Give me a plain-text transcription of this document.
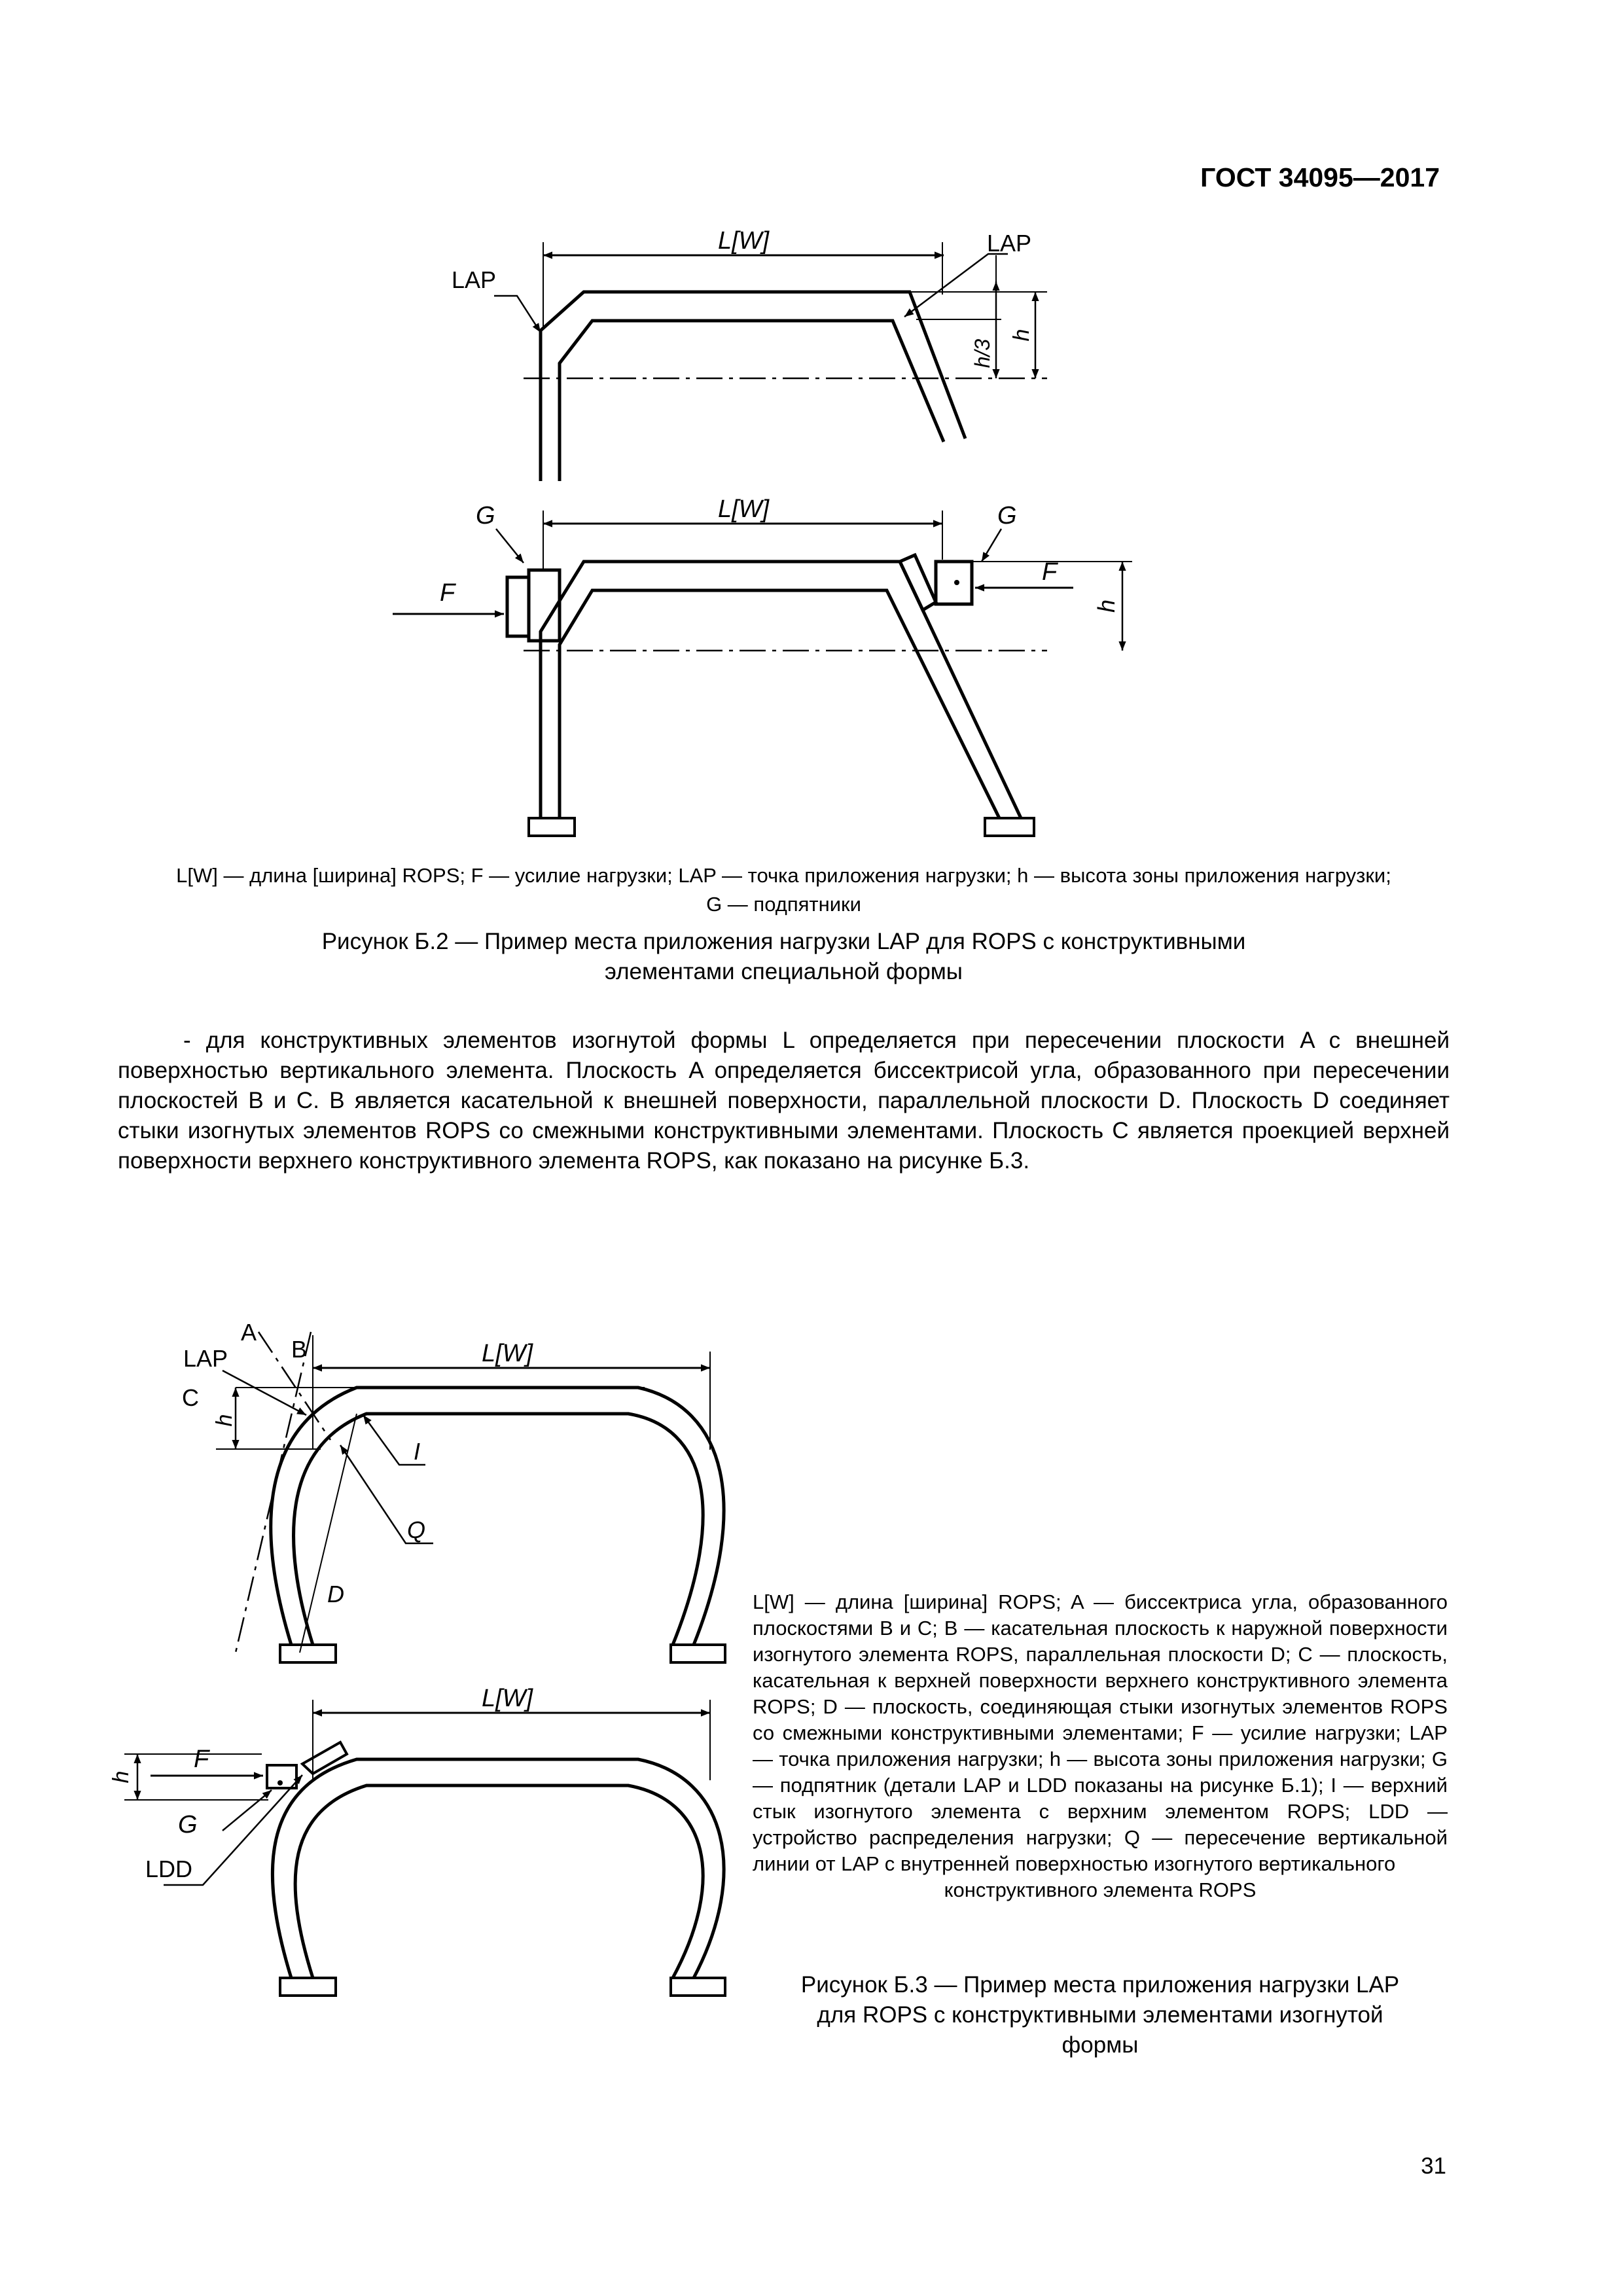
ГОСТ 34095—2017
L[W]
LAP
LAP
h/3
h
L[W]
G	G
F
F
h
A
B
LAP
C
h
I
Q
D
L[W]
L[W]
F
h
G
LDD
L[W] — длина [ширина] ROPS; F — усилие нагрузки; LAP — точка приложения нагрузки; h — высота зоны приложения нагрузки;
G — подпятники
Рисунок Б.2 — Пример места приложения нагрузки LAP для ROPS с конструктивными
элементами специальной формы
- для конструктивных элементов изогнутой формы L определяется при пересечении плоскости A с внешней поверхностью вертикального элемента. Плоскость A определяется биссектрисой угла, образованного при пересечении плоскостей B и C. B является касательной к внешней поверхности, параллельной плоскости D. Плоскость D соединяет стыки изогнутых элементов ROPS со смежными конструктивными элементами. Плоскость C является проекцией верхней поверхности верхнего конструктивного элемента ROPS, как показано на рисунке Б.3.
L[W] — длина [ширина] ROPS; A — биссектриса угла, образованного плоскостями B и C; B — касательная плоскость к наружной поверхности изогнутого элемента ROPS, параллельная плоскости D; C — плоскость, касательная к верхней поверхности верхнего конструктивного элемента ROPS; D — плоскость, соединяющая стыки изогнутых элементов ROPS со смежными конструктивными элементами; F — усилие нагрузки; LAP — точка приложения нагрузки; h — высота зоны приложения нагрузки; G — подпятник (детали LAP и LDD показаны на рисунке Б.1); I — верхний стык изогнутого элемента с верхним элементом ROPS; LDD — устройство распределения нагрузки; Q — пересечение вертикальной линии от LAP с внутренней поверхностью изогнутого вертикального
конструктивного элемента ROPS
Рисунок Б.3 — Пример места приложения нагрузки LAP
для ROPS с конструктивными элементами изогнутой
формы
31
